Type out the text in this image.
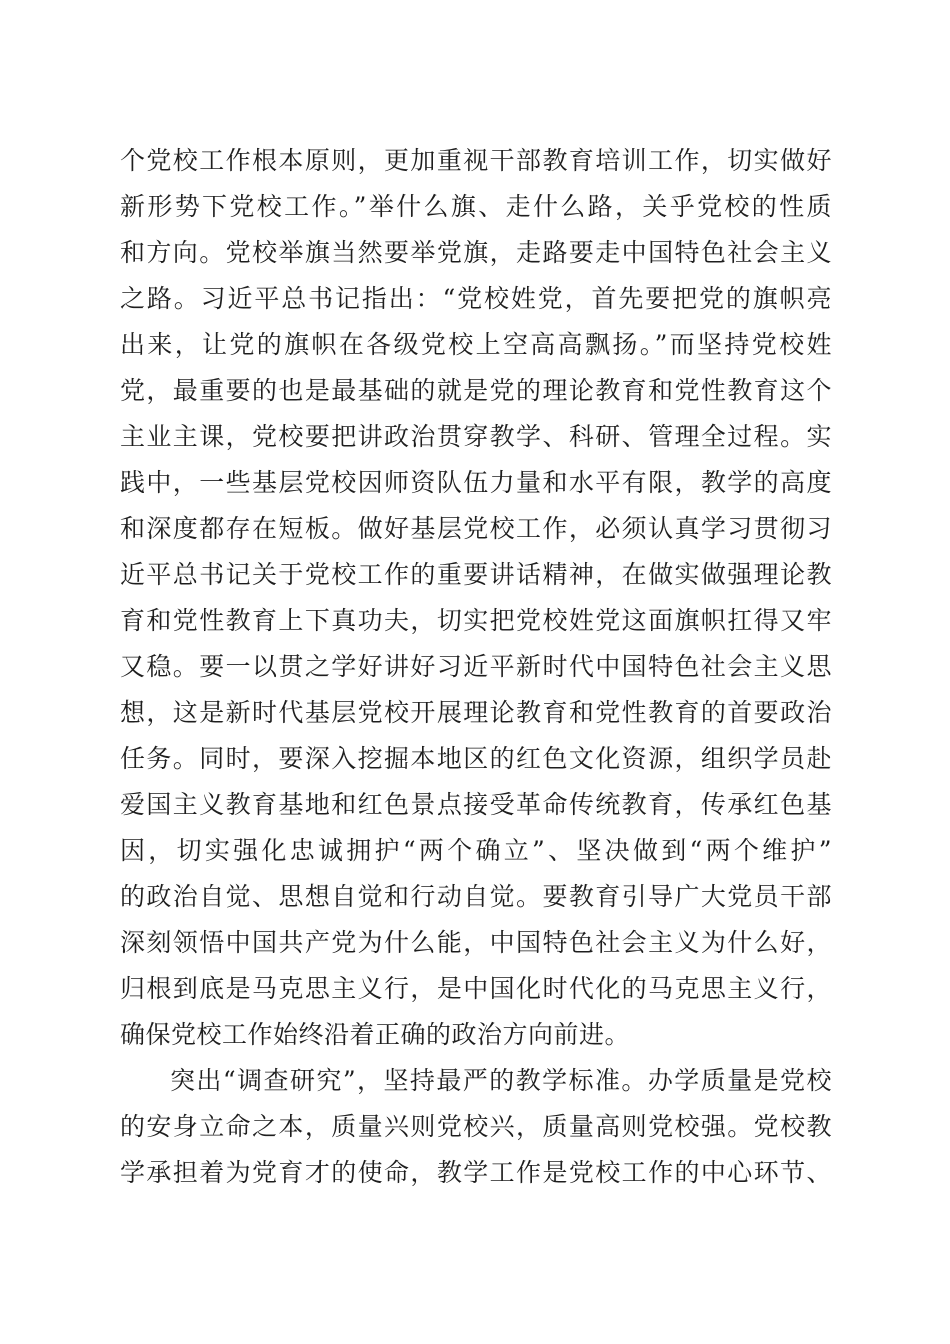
个党校工作根本原则，更加重视干部教育培训工作，切实做好
新形势下党校工作。”举什么旗、走什么路，关乎党校的性质
和方向。党校举旗当然要举党旗，走路要走中国特色社会主义
之路。习近平总书记指出：“党校姓党，首先要把党的旗帜亮
出来，让党的旗帜在各级党校上空高高飘扬。”而坚持党校姓
党，最重要的也是最基础的就是党的理论教育和党性教育这个
主业主课，党校要把讲政治贯穿教学、科研、管理全过程。实
践中，一些基层党校因师资队伍力量和水平有限，教学的高度
和深度都存在短板。做好基层党校工作，必须认真学习贯彻习
近平总书记关于党校工作的重要讲话精神，在做实做强理论教
育和党性教育上下真功夫，切实把党校姓党这面旗帜扛得又牢
又稳。要一以贯之学好讲好习近平新时代中国特色社会主义思
想，这是新时代基层党校开展理论教育和党性教育的首要政治
任务。同时，要深入挖掘本地区的红色文化资源，组织学员赴
爱国主义教育基地和红色景点接受革命传统教育，传承红色基
因，切实强化忠诚拥护“两个确立”、坚决做到“两个维护”
的政治自觉、思想自觉和行动自觉。要教育引导广大党员干部
深刻领悟中国共产党为什么能，中国特色社会主义为什么好，
归根到底是马克思主义行，是中国化时代化的马克思主义行，
确保党校工作始终沿着正确的政治方向前进。
突出“调查研究”，坚持最严的教学标准。办学质量是党校
的安身立命之本，质量兴则党校兴，质量高则党校强。党校教
学承担着为党育才的使命，教学工作是党校工作的中心环节、
